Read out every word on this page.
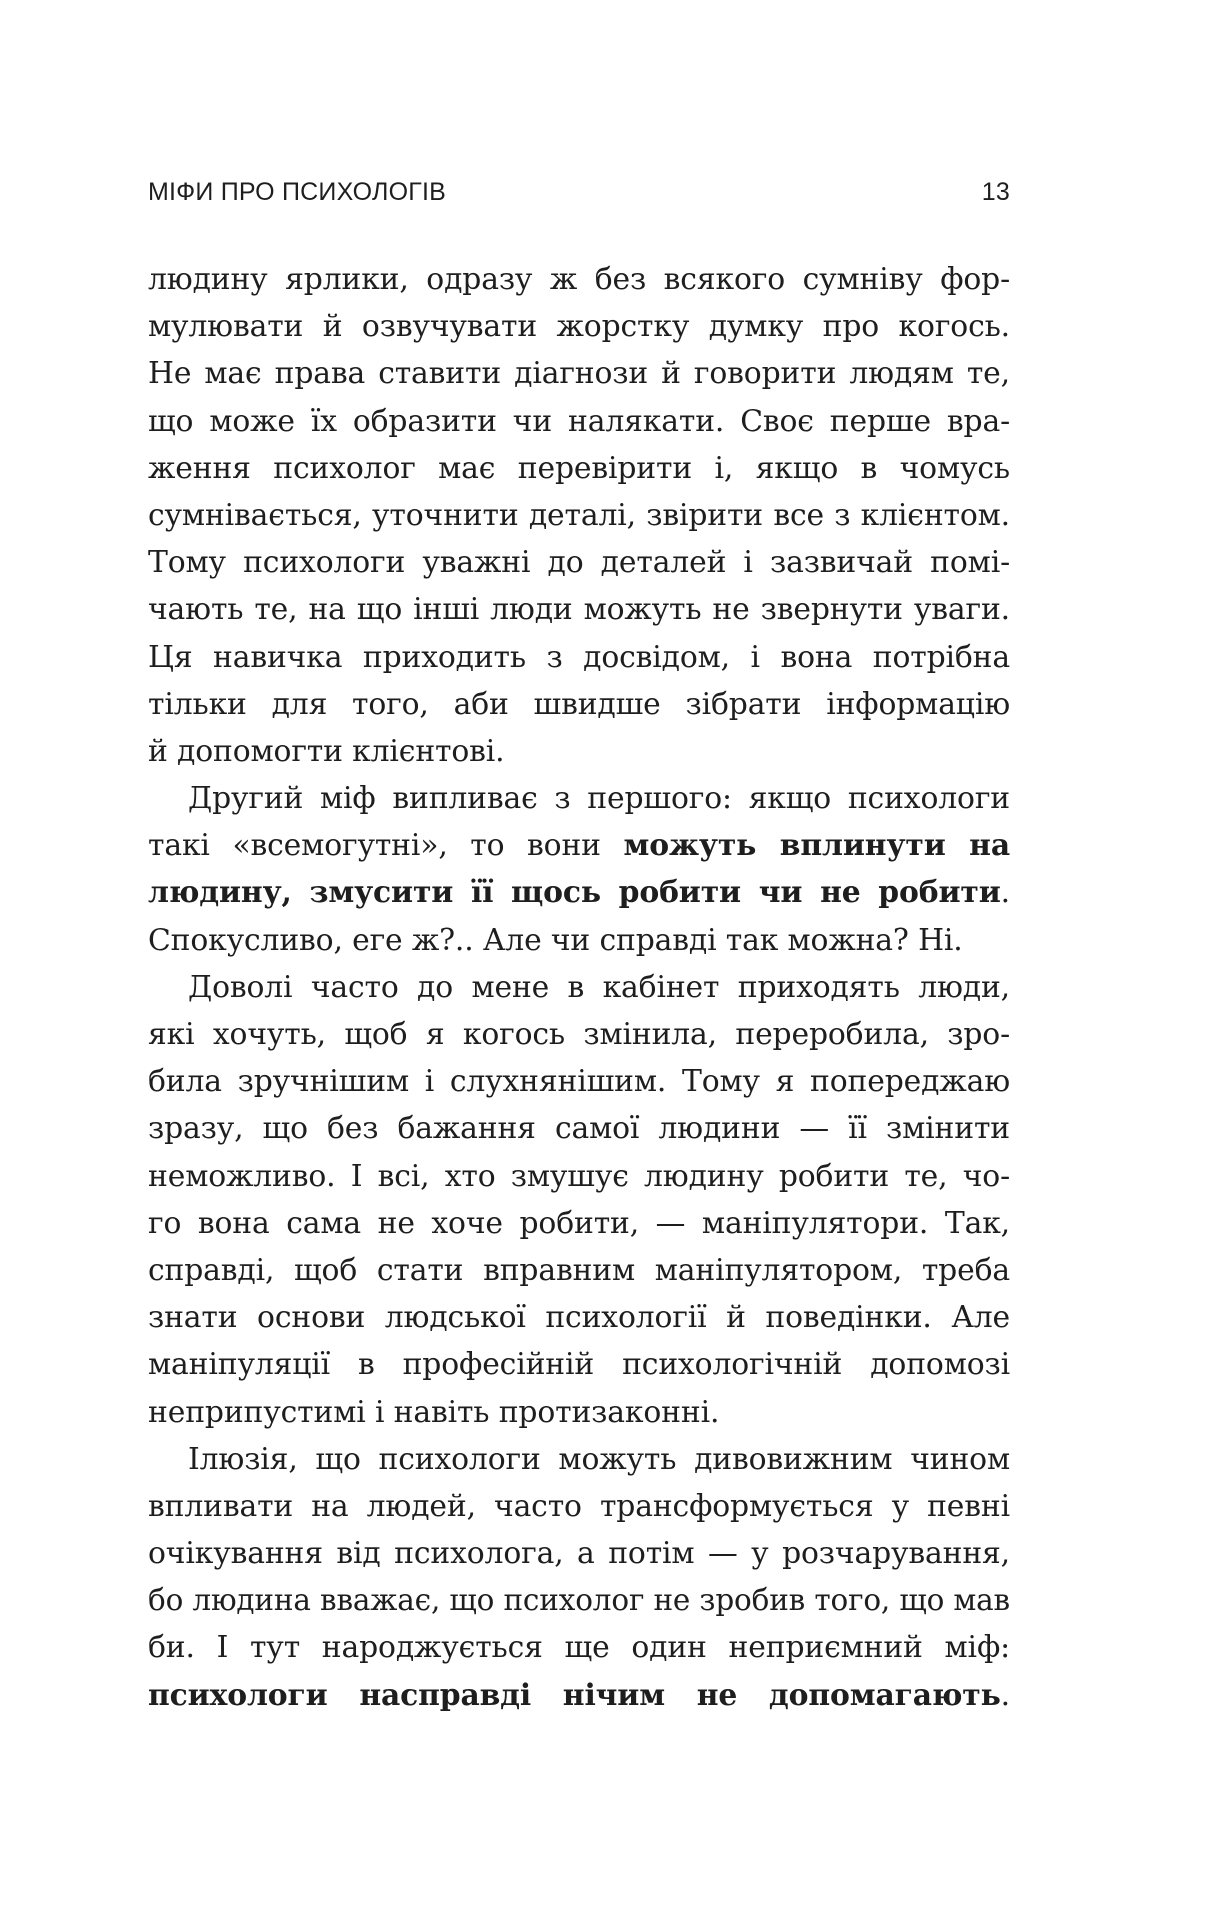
МІФИ ПРО ПСИХОЛОГІВ	13
людину ярлики, одразу ж без всякого сумніву фор-
мулювати й озвучувати жорстку думку про когось.
Не має права ставити діагнози й говорити людям те,
що може їх образити чи налякати. Своє перше вра-
ження психолог має перевірити і, якщо в чомусь
сумнівається, уточнити деталі, звірити все з клієнтом.
Тому психологи уважні до деталей і зазвичай помі-
чають те, на що інші люди можуть не звернути уваги.
Ця навичка приходить з досвідом, і вона потрібна
тільки для того, аби швидше зібрати інформацію
й допомогти клієнтові.
Другий міф випливає з першого: якщо психологи
такі «всемогутні», то вони можуть вплинути на
людину, змусити її щось робити чи не робити.
Спокусливо, еге ж?.. Але чи справді так можна? Ні.
Доволі часто до мене в кабінет приходять люди,
які хочуть, щоб я когось змінила, переробила, зро-
била зручнішим і слухнянішим. Тому я попереджаю
зразу, що без бажання самої людини — її змінити
неможливо. І всі, хто змушує людину робити те, чо-
го вона сама не хоче робити, — маніпулятори. Так,
справді, щоб стати вправним маніпулятором, треба
знати основи людської психології й поведінки. Але
маніпуляції в професійній психологічній допомозі
неприпустимі і навіть протизаконні.
Ілюзія, що психологи можуть дивовижним чином
впливати на людей, часто трансформується у певні
очікування від психолога, а потім — у розчарування,
бо людина вважає, що психолог не зробив того, що мав
би. І тут народжується ще один неприємний міф:
психологи насправді нічим не допомагають.
